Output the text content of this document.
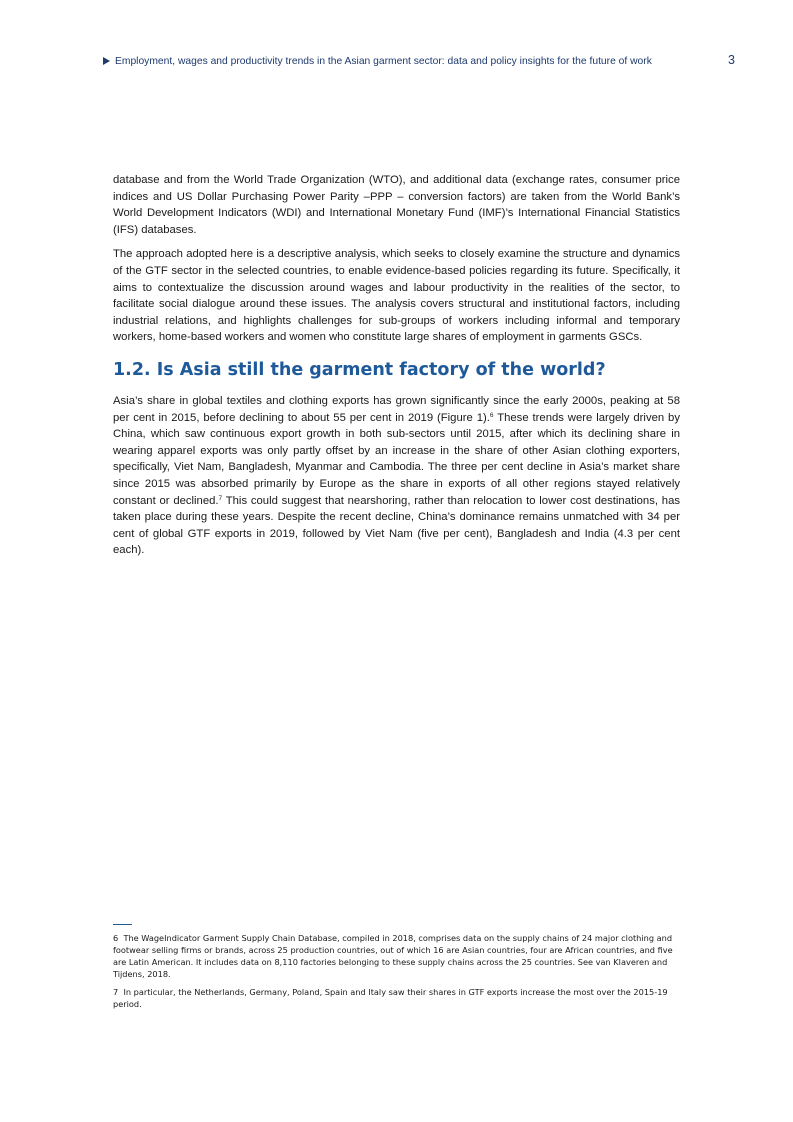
Employment, wages and productivity trends in the Asian garment sector: data and policy insights for the future of work	3

database and from the World Trade Organization (WTO), and additional data (exchange rates, consumer price indices and US Dollar Purchasing Power Parity –PPP – conversion factors) are taken from the World Bank’s World Development Indicators (WDI) and International Monetary Fund (IMF)’s International Financial Statistics (IFS) databases.

The approach adopted here is a descriptive analysis, which seeks to closely examine the structure and dynamics of the GTF sector in the selected countries, to enable evidence-based policies regarding its future. Specifically, it aims to contextualize the discussion around wages and labour productivity in the realities of the sector, to facilitate social dialogue around these issues. The analysis covers structural and institutional factors, including industrial relations, and highlights challenges for sub-groups of workers including informal and temporary workers, home-based workers and women who constitute large shares of employment in garments GSCs.

1.2. Is Asia still the garment factory of the world?

Asia’s share in global textiles and clothing exports has grown significantly since the early 2000s, peaking at 58 per cent in 2015, before declining to about 55 per cent in 2019 (Figure 1).$^6$ These trends were largely driven by China, which saw continuous export growth in both sub-sectors until 2015, after which its declining share in wearing apparel exports was only partly offset by an increase in the share of other Asian clothing exporters, specifically, Viet Nam, Bangladesh, Myanmar and Cambodia. The three per cent decline in Asia’s market share since 2015 was absorbed primarily by Europe as the share in exports of all other regions stayed relatively constant or declined.$^7$ This could suggest that nearshoring, rather than relocation to lower cost destinations, has taken place during these years. Despite the recent decline, China’s dominance remains unmatched with 34 per cent of global GTF exports in 2019, followed by Viet Nam (five per cent), Bangladesh and India (4.3 per cent each).

6 The WageIndicator Garment Supply Chain Database, compiled in 2018, comprises data on the supply chains of 24 major clothing and footwear selling firms or brands, across 25 production countries, out of which 16 are Asian countries, four are African countries, and five are Latin American. It includes data on 8,110 factories belonging to these supply chains across the 25 countries. See van Klaveren and Tijdens, 2018.

7 In particular, the Netherlands, Germany, Poland, Spain and Italy saw their shares in GTF exports increase the most over the 2015-19 period.
